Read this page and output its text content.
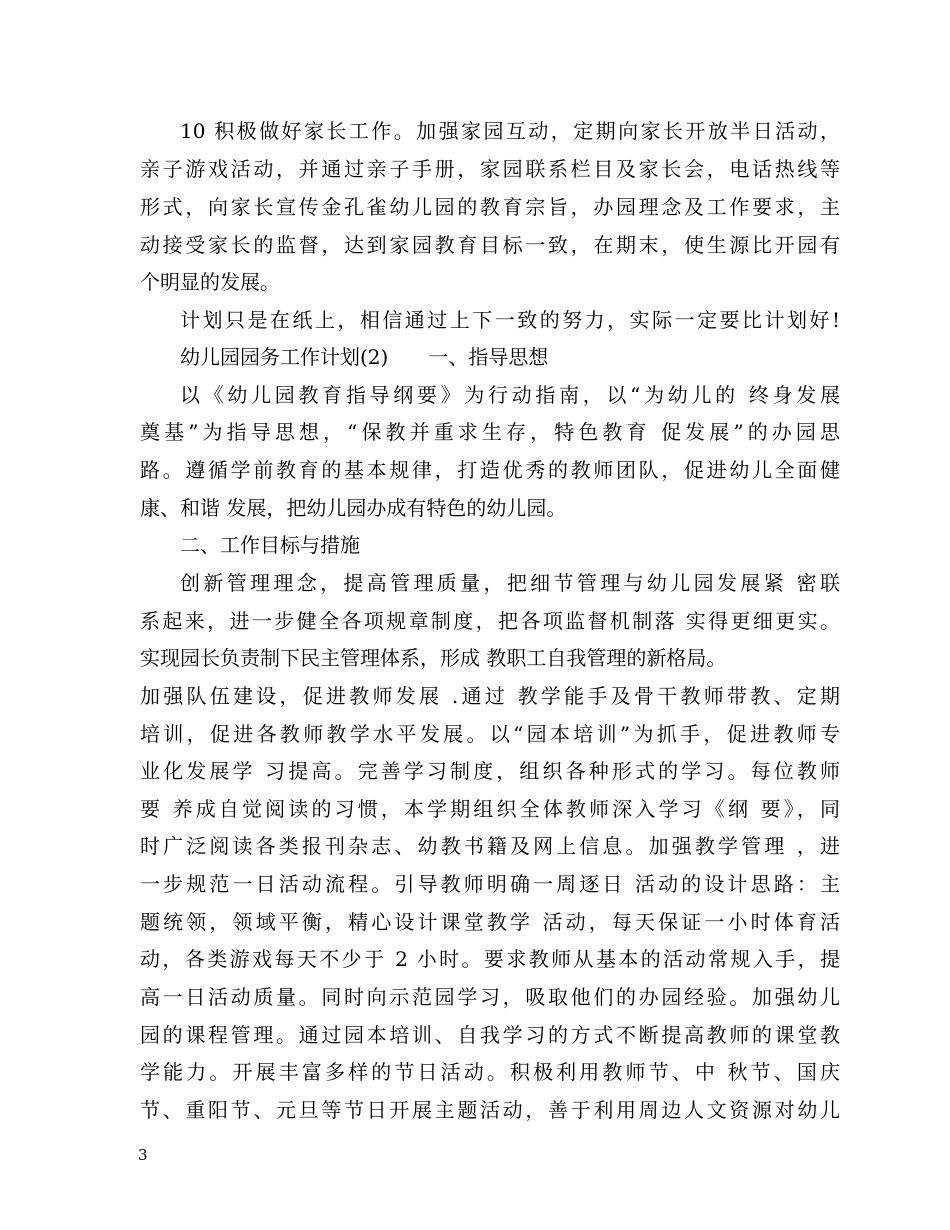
10 积极做好家长工作。加强家园互动，定期向家长开放半日活动，
亲子游戏活动，并通过亲子手册，家园联系栏目及家长会，电话热线等
形式，向家长宣传金孔雀幼儿园的教育宗旨，办园理念及工作要求，主
动接受家长的监督，达到家园教育目标一致，在期末，使生源比开园有
个明显的发展。
计划只是在纸上，相信通过上下一致的努力，实际一定要比计划好!
幼儿园园务工作计划(2)　　一、指导思想
以《幼儿园教育指导纲要》为行动指南，以“为幼儿的 终身发展
奠基”为指导思想，“保教并重求生存，特色教育 促发展”的办园思
路。遵循学前教育的基本规律，打造优秀的教师团队，促进幼儿全面健
康、和谐 发展，把幼儿园办成有特色的幼儿园。
二、工作目标与措施
创新管理理念，提高管理质量，把细节管理与幼儿园发展紧 密联
系起来，进一步健全各项规章制度，把各项监督机制落 实得更细更实。
实现园长负责制下民主管理体系，形成 教职工自我管理的新格局。
加强队伍建设，促进教师发展 .通过 教学能手及骨干教师带教、定期
培训，促进各教师教学水平发展。以“园本培训”为抓手，促进教师专
业化发展学 习提高。完善学习制度，组织各种形式的学习。每位教师
要 养成自觉阅读的习惯，本学期组织全体教师深入学习《纲 要》，同
时广泛阅读各类报刊杂志、幼教书籍及网上信息。加强教学管理 ，进
一步规范一日活动流程。引导教师明确一周逐日 活动的设计思路：主
题统领，领域平衡，精心设计课堂教学 活动，每天保证一小时体育活
动，各类游戏每天不少于 2 小时。要求教师从基本的活动常规入手，提
高一日活动质量。同时向示范园学习，吸取他们的办园经验。加强幼儿
园的课程管理。通过园本培训、自我学习的方式不断提高教师的课堂教
学能力。开展丰富多样的节日活动。积极利用教师节、中 秋节、国庆
节、重阳节、元旦等节日开展主题活动，善于利用周边人文资源对幼儿
3
